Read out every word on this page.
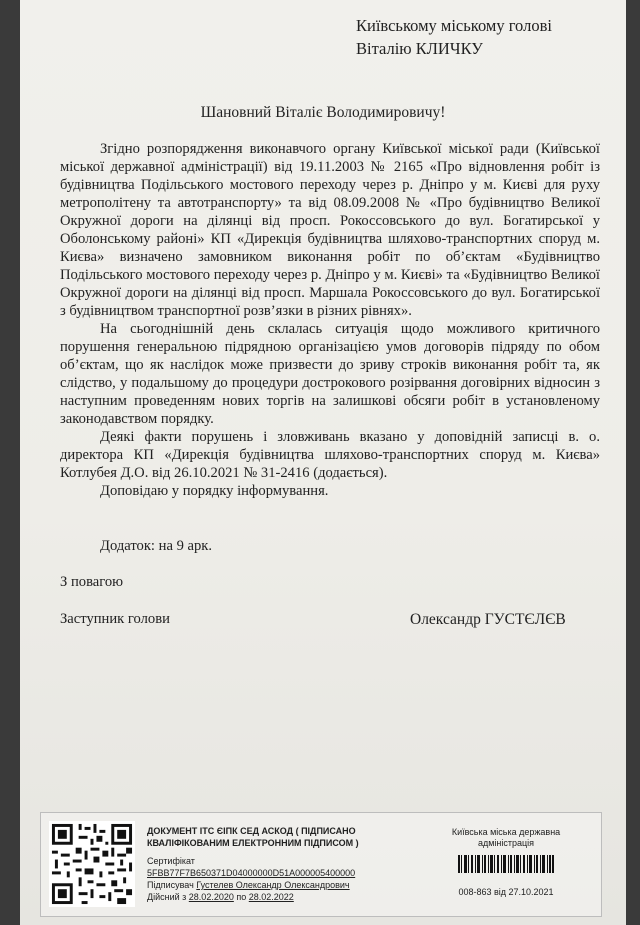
Київському міському голові
Віталію КЛИЧКУ
Шановний Віталіє Володимировичу!

Згідно розпорядження виконавчого органу Київської міської ради (Київської міської державної адміністрації) від 19.11.2003 № 2165 «Про відновлення робіт із будівництва Подільського мостового переходу через р. Дніпро у м. Києві для руху метрополітену та автотранспорту» та від 08.09.2008 № «Про будівництво Великої Окружної дороги на ділянці від просп. Рокоссовського до вул. Богатирської у Оболонському районі» КП «Дирекція будівництва шляхово-транспортних споруд м. Києва» визначено замовником виконання робіт по об’єктам «Будівництво Подільського мостового переходу через р. Дніпро у м. Києві» та «Будівництво Великої Окружної дороги на ділянці від просп. Маршала Рокоссовського до вул. Богатирської з будівництвом транспортної розв’язки в різних рівнях».

На сьогоднішній день склалась ситуація щодо можливого критичного порушення генеральною підрядною організацією умов договорів підряду по обом об’єктам, що як наслідок може призвести до зриву строків виконання робіт та, як слідство, у подальшому до процедури дострокового розірвання договірних відносин з наступним проведенням нових торгів на залишкові обсяги робіт в установленому законодавством порядку.

Деякі факти порушень і зловживань вказано у доповідній записці в. о. директора КП «Дирекція будівництва шляхово-транспортних споруд м. Києва» Котлубея Д.О. від 26.10.2021 № 31-2416 (додається).

Доповідаю у порядку інформування.

Додаток: на 9 арк.
З повагою
Заступник голови	Олександр ГУСТЄЛЄВ
ДОКУМЕНТ ІТС ЄІПК СЕД АСКОД ( ПІДПИСАНО
КВАЛІФІКОВАНИМ ЕЛЕКТРОННИМ ПІДПИСОМ )
Сертифікат
5FBB77F7B650371D04000000D51A000005400000
Підписувач Густелев Олександр Олександрович
Дійсний з 28.02.2020 по 28.02.2022
Київська міська державна
адміністрація
008-863 від 27.10.2021
